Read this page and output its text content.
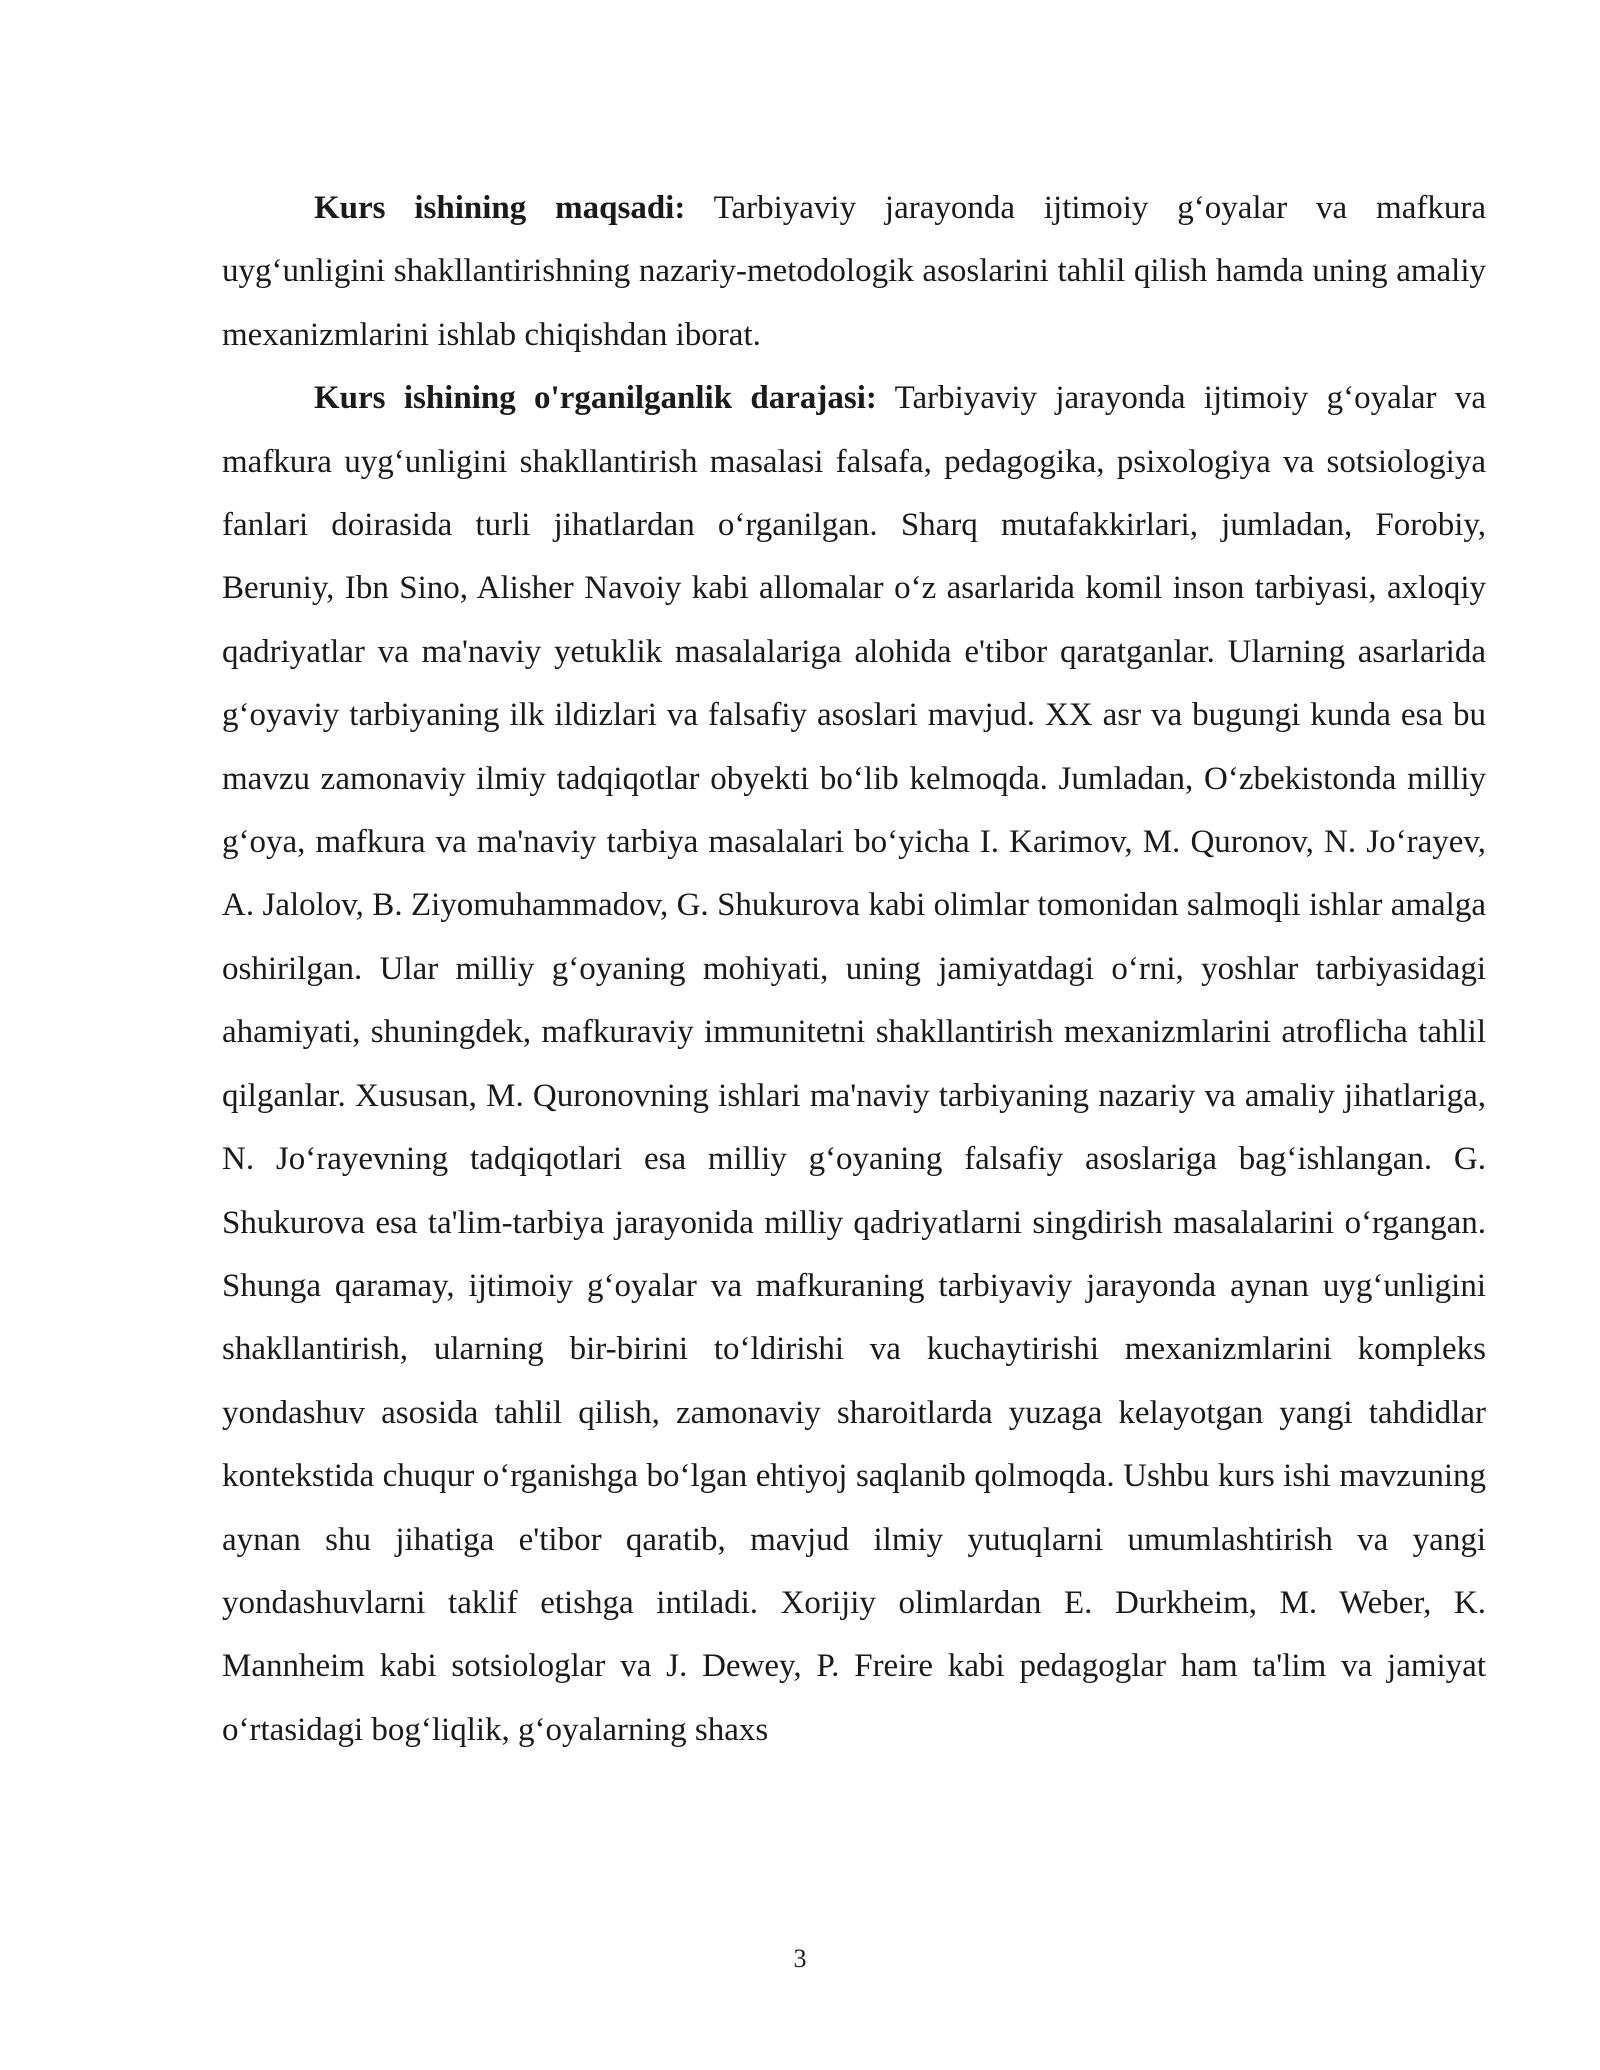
Kurs ishining maqsadi: Tarbiyaviy jarayonda ijtimoiy g‘oyalar va mafkura uyg‘unligini shakllantirishning nazariy-metodologik asoslarini tahlil qilish hamda uning amaliy mexanizmlarini ishlab chiqishdan iborat.

Kurs ishining o'rganilganlik darajasi: Tarbiyaviy jarayonda ijtimoiy g‘oyalar va mafkura uyg‘unligini shakllantirish masalasi falsafa, pedagogika, psixologiya va sotsiologiya fanlari doirasida turli jihatlardan o‘rganilgan. Sharq mutafakkirlari, jumladan, Forobiy, Beruniy, Ibn Sino, Alisher Navoiy kabi allomalar o‘z asarlarida komil inson tarbiyasi, axloqiy qadriyatlar va ma'naviy yetuklik masalalariga alohida e'tibor qaratganlar. Ularning asarlarida g‘oyaviy tarbiyaning ilk ildizlari va falsafiy asoslari mavjud. XX asr va bugungi kunda esa bu mavzu zamonaviy ilmiy tadqiqotlar obyekti bo‘lib kelmoqda. Jumladan, O‘zbekistonda milliy g‘oya, mafkura va ma'naviy tarbiya masalalari bo‘yicha I. Karimov, M. Quronov, N. Jo‘rayev, A. Jalolov, B. Ziyomuhammadov, G. Shukurova kabi olimlar tomonidan salmoqli ishlar amalga oshirilgan. Ular milliy g‘oyaning mohiyati, uning jamiyatdagi o‘rni, yoshlar tarbiyasidagi ahamiyati, shuningdek, mafkuraviy immunitetni shakllantirish mexanizmlarini atroflicha tahlil qilganlar. Xususan, M. Quronovning ishlari ma'naviy tarbiyaning nazariy va amaliy jihatlariga, N. Jo‘rayevning tadqiqotlari esa milliy g‘oyaning falsafiy asoslariga bag‘ishlangan. G. Shukurova esa ta'lim-tarbiya jarayonida milliy qadriyatlarni singdirish masalalarini o‘rgangan. Shunga qaramay, ijtimoiy g‘oyalar va mafkuraning tarbiyaviy jarayonda aynan uyg‘unligini shakllantirish, ularning bir-birini to‘ldirishi va kuchaytirishi mexanizmlarini kompleks yondashuv asosida tahlil qilish, zamonaviy sharoitlarda yuzaga kelayotgan yangi tahdidlar kontekstida chuqur o‘rganishga bo‘lgan ehtiyoj saqlanib qolmoqda. Ushbu kurs ishi mavzuning aynan shu jihatiga e'tibor qaratib, mavjud ilmiy yutuqlarni umumlashtirish va yangi yondashuvlarni taklif etishga intiladi. Xorijiy olimlardan E. Durkheim, M. Weber, K. Mannheim kabi sotsiologlar va J. Dewey, P. Freire kabi pedagoglar ham ta'lim va jamiyat o‘rtasidagi bog‘liqlik, g‘oyalarning shaxs

3
